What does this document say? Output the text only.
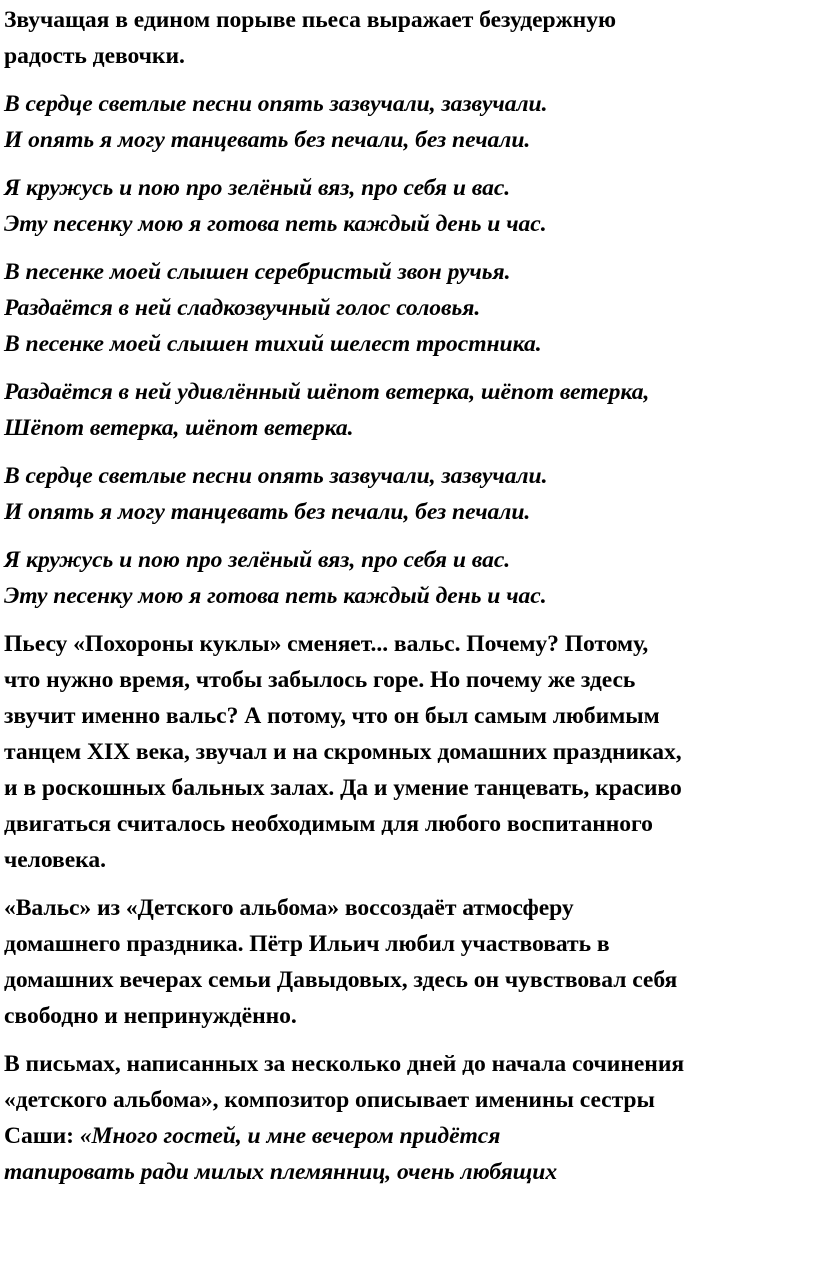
Звучащая в едином порыве пьеса выражает безудержную
радость девочки.

В сердце светлые песни опять зазвучали, зазвучали.
И опять я могу танцевать без печали, без печали.

Я кружусь и пою про зелёный вяз, про себя и вас.
Эту песенку мою я готова петь каждый день и час.

В песенке моей слышен серебристый звон ручья.
Раздаётся в ней сладкозвучный голос соловья.
В песенке моей слышен тихий шелест тростника.

Раздаётся в ней удивлённый шёпот ветерка, шёпот ветерка,
Шёпот ветерка, шёпот ветерка.

В сердце светлые песни опять зазвучали, зазвучали.
И опять я могу танцевать без печали, без печали.

Я кружусь и пою про зелёный вяз, про себя и вас.
Эту песенку мою я готова петь каждый день и час.

Пьесу «Похороны куклы» сменяет... вальс. Почему? Потому,
что нужно время, чтобы забылось горе. Но почему же здесь
звучит именно вальс? А потому, что он был самым любимым
танцем XIX века, звучал и на скромных домашних праздниках,
и в роскошных бальных залах. Да и умение танцевать, красиво
двигаться считалось необходимым для любого воспитанного
человека.

«Вальс» из «Детского альбома» воссоздаёт атмосферу
домашнего праздника. Пётр Ильич любил участвовать в
домашних вечерах семьи Давыдовых, здесь он чувствовал себя
свободно и непринуждённо.

В письмах, написанных за несколько дней до начала сочинения
«детского альбома», композитор описывает именины сестры
Саши: «Много гостей, и мне вечером придётся
тапировать ради милых племянниц, очень любящих
